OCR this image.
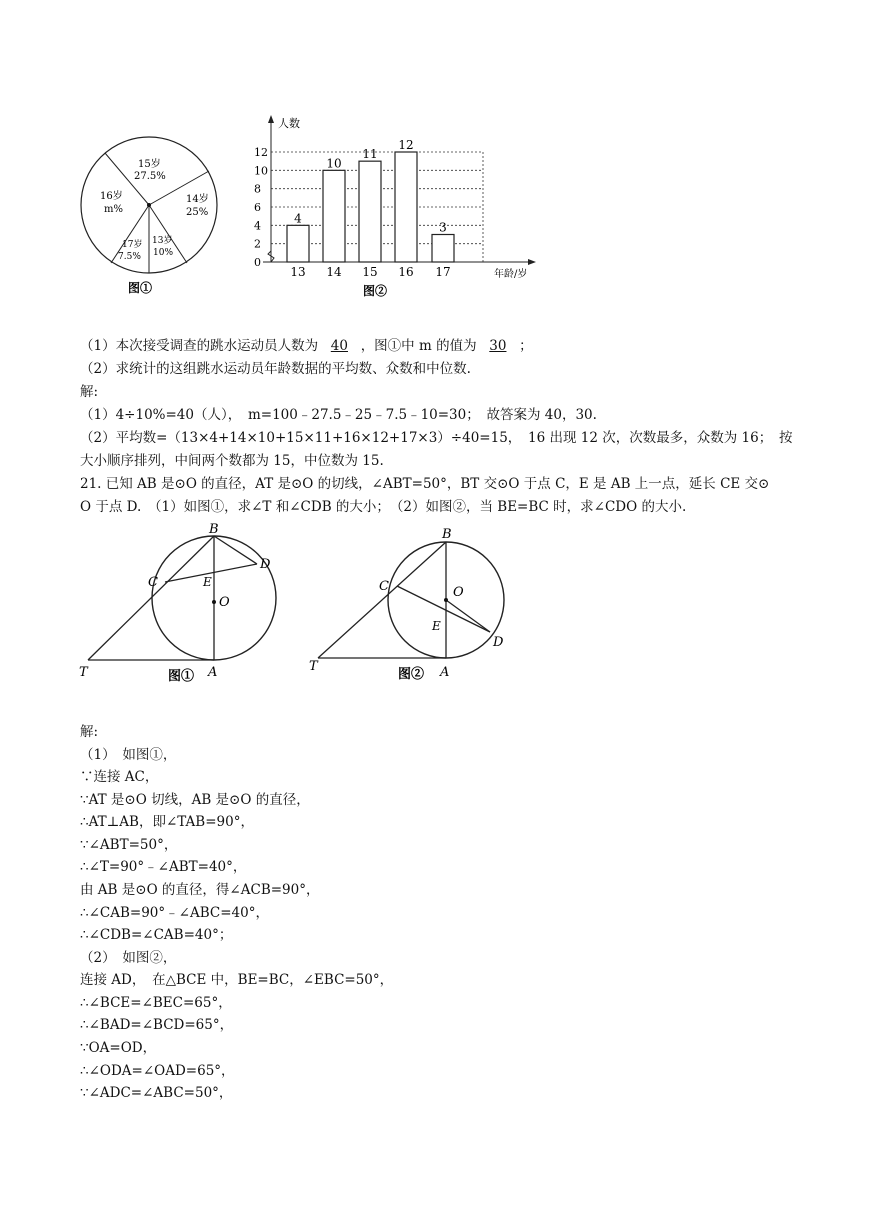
15岁
27.5%
14岁
25%
13岁
10%
17岁
7.5%
16岁
m%
图①
人数
年龄/岁
0
2
4
6
8
10
12
4
13
10
14
11
15
12
16
3
17
图②
（1）本次接受调查的跳水运动员人数为 40 ，图①中 m 的值为 30 ；
（2）求统计的这组跳水运动员年龄数据的平均数、众数和中位数.
解:
（1）4÷10%=40（人），　m=100﹣27.5﹣25﹣7.5﹣10=30；　故答案为 40，30.
（2）平均数=（13×4+14×10+15×11+16×12+17×3）÷40=15，　16 出现 12 次，次数最多，众数为 16；　按
大小顺序排列，中间两个数都为 15，中位数为 15.
21. 已知 AB 是⊙O 的直径，AT 是⊙O 的切线，∠ABT=50°，BT 交⊙O 于点 C，E 是 AB 上一点，延长 CE 交⊙
O 于点 D.　（1）如图①，求∠T 和∠CDB 的大小；　（2）如图②，当 BE=BC 时，求∠CDO 的大小.
B
D
C	E
O
A
T	图①
B
D
C
E
O
A
T
图②
解:
（1）　如图①，
∵连接 AC，
∵AT 是⊙O 切线，AB 是⊙O 的直径，
∴AT⊥AB，即∠TAB=90°，
∵∠ABT=50°，
∴∠T=90°﹣∠ABT=40°，
由 AB 是⊙O 的直径，得∠ACB=90°，
∴∠CAB=90°﹣∠ABC=40°，
∴∠CDB=∠CAB=40°；
（2）　如图②，
连接 AD，　在△BCE 中，BE=BC，∠EBC=50°，
∴∠BCE=∠BEC=65°，
∴∠BAD=∠BCD=65°，
∵OA=OD，
∴∠ODA=∠OAD=65°，
∵∠ADC=∠ABC=50°，
